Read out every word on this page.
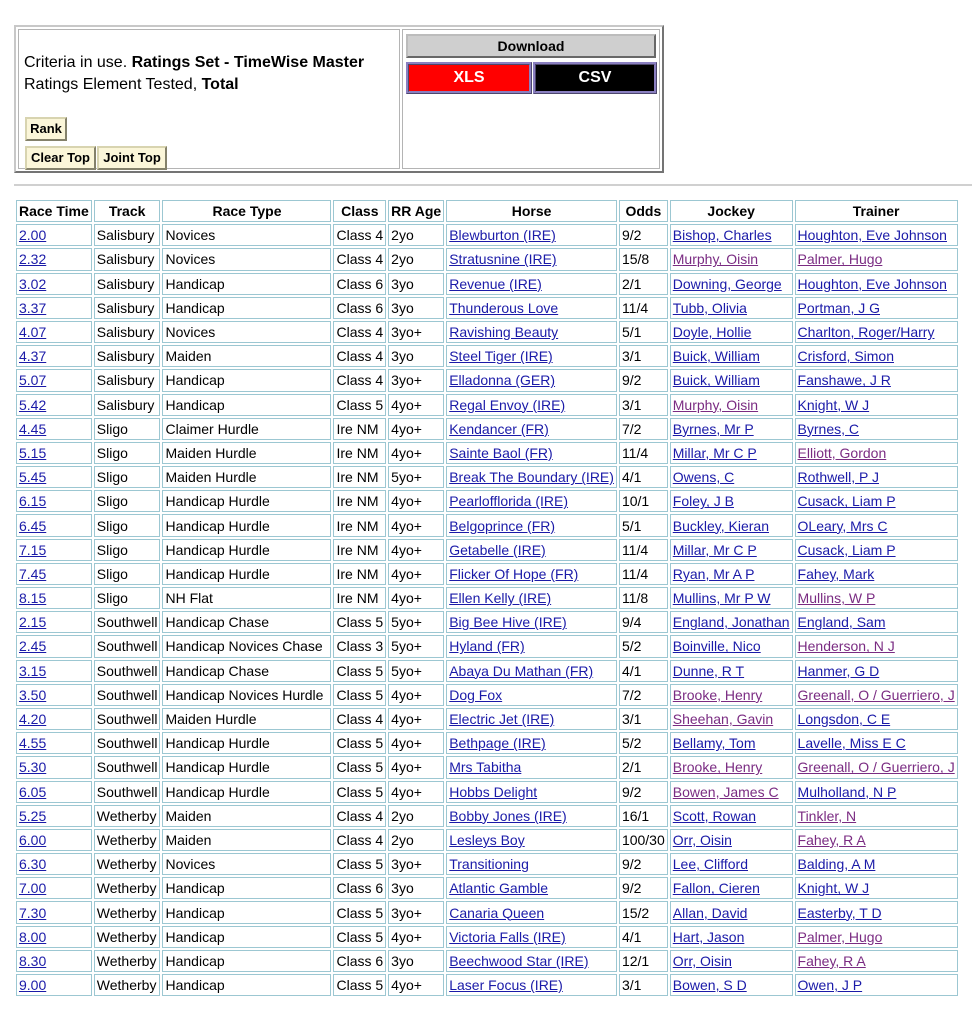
Criteria in use. Ratings Set - TimeWise Master
Ratings Element Tested, Total
Rank
Clear Top	Joint Top
Download
XLS	CSV
Race Time	Track	Race Type	Class	RR Age	Horse	Odds	Jockey	Trainer
2.00	Salisbury	Novices	Class 4	2yo	Blewburton (IRE)	9/2	Bishop, Charles	Houghton, Eve Johnson
2.32	Salisbury	Novices	Class 4	2yo	Stratusnine (IRE)	15/8	Murphy, Oisin	Palmer, Hugo
3.02	Salisbury	Handicap	Class 6	3yo	Revenue (IRE)	2/1	Downing, George	Houghton, Eve Johnson
3.37	Salisbury	Handicap	Class 6	3yo	Thunderous Love	11/4	Tubb, Olivia	Portman, J G
4.07	Salisbury	Novices	Class 4	3yo+	Ravishing Beauty	5/1	Doyle, Hollie	Charlton, Roger/Harry
4.37	Salisbury	Maiden	Class 4	3yo	Steel Tiger (IRE)	3/1	Buick, William	Crisford, Simon
5.07	Salisbury	Handicap	Class 4	3yo+	Elladonna (GER)	9/2	Buick, William	Fanshawe, J R
5.42	Salisbury	Handicap	Class 5	4yo+	Regal Envoy (IRE)	3/1	Murphy, Oisin	Knight, W J
4.45	Sligo	Claimer Hurdle	Ire NM	4yo+	Kendancer (FR)	7/2	Byrnes, Mr P	Byrnes, C
5.15	Sligo	Maiden Hurdle	Ire NM	4yo+	Sainte Baol (FR)	11/4	Millar, Mr C P	Elliott, Gordon
5.45	Sligo	Maiden Hurdle	Ire NM	5yo+	Break The Boundary (IRE)	4/1	Owens, C	Rothwell, P J
6.15	Sligo	Handicap Hurdle	Ire NM	4yo+	Pearlofflorida (IRE)	10/1	Foley, J B	Cusack, Liam P
6.45	Sligo	Handicap Hurdle	Ire NM	4yo+	Belgoprince (FR)	5/1	Buckley, Kieran	OLeary, Mrs C
7.15	Sligo	Handicap Hurdle	Ire NM	4yo+	Getabelle (IRE)	11/4	Millar, Mr C P	Cusack, Liam P
7.45	Sligo	Handicap Hurdle	Ire NM	4yo+	Flicker Of Hope (FR)	11/4	Ryan, Mr A P	Fahey, Mark
8.15	Sligo	NH Flat	Ire NM	4yo+	Ellen Kelly (IRE)	11/8	Mullins, Mr P W	Mullins, W P
2.15	Southwell	Handicap Chase	Class 5	5yo+	Big Bee Hive (IRE)	9/4	England, Jonathan	England, Sam
2.45	Southwell	Handicap Novices Chase	Class 3	5yo+	Hyland (FR)	5/2	Boinville, Nico	Henderson, N J
3.15	Southwell	Handicap Chase	Class 5	5yo+	Abaya Du Mathan (FR)	4/1	Dunne, R T	Hanmer, G D
3.50	Southwell	Handicap Novices Hurdle	Class 5	4yo+	Dog Fox	7/2	Brooke, Henry	Greenall, O / Guerriero, J
4.20	Southwell	Maiden Hurdle	Class 4	4yo+	Electric Jet (IRE)	3/1	Sheehan, Gavin	Longsdon, C E
4.55	Southwell	Handicap Hurdle	Class 5	4yo+	Bethpage (IRE)	5/2	Bellamy, Tom	Lavelle, Miss E C
5.30	Southwell	Handicap Hurdle	Class 5	4yo+	Mrs Tabitha	2/1	Brooke, Henry	Greenall, O / Guerriero, J
6.05	Southwell	Handicap Hurdle	Class 5	4yo+	Hobbs Delight	9/2	Bowen, James C	Mulholland, N P
5.25	Wetherby	Maiden	Class 4	2yo	Bobby Jones (IRE)	16/1	Scott, Rowan	Tinkler, N
6.00	Wetherby	Maiden	Class 4	2yo	Lesleys Boy	100/30	Orr, Oisin	Fahey, R A
6.30	Wetherby	Novices	Class 5	3yo+	Transitioning	9/2	Lee, Clifford	Balding, A M
7.00	Wetherby	Handicap	Class 6	3yo	Atlantic Gamble	9/2	Fallon, Cieren	Knight, W J
7.30	Wetherby	Handicap	Class 5	3yo+	Canaria Queen	15/2	Allan, David	Easterby, T D
8.00	Wetherby	Handicap	Class 5	4yo+	Victoria Falls (IRE)	4/1	Hart, Jason	Palmer, Hugo
8.30	Wetherby	Handicap	Class 6	3yo	Beechwood Star (IRE)	12/1	Orr, Oisin	Fahey, R A
9.00	Wetherby	Handicap	Class 5	4yo+	Laser Focus (IRE)	3/1	Bowen, S D	Owen, J P
